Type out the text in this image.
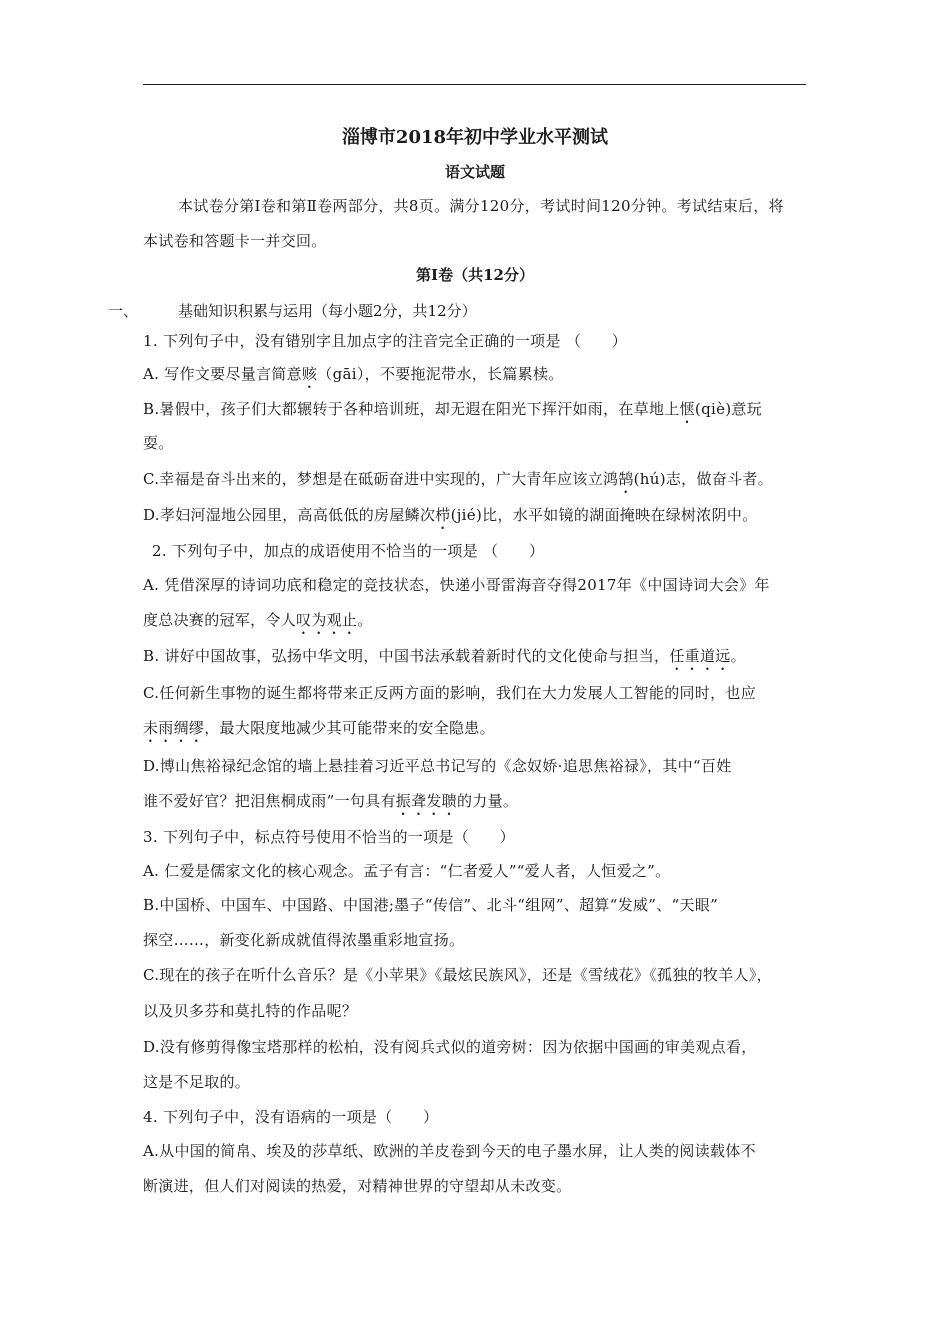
淄博市2018年初中学业水平测试
语文试题
本试卷分第Ⅰ卷和第Ⅱ卷两部分，共8页。满分120分，考试时间120分钟。考试结束后，将
本试卷和答题卡一并交回。
第Ⅰ卷（共12分）
一、	基础知识积累与运用（每小题2分，共12分）
1. 下列句子中，没有错别字且加点字的注音完全正确的一项是 （　　）
A. 写作文要尽量言简意赅（gāi），不要拖泥带水，长篇累椟。
B.暑假中，孩子们大都辗转于各种培训班，却无遐在阳光下挥汗如雨，在草地上惬(qiè)意玩
耍。
C.幸福是奋斗出来的，梦想是在砥砺奋进中实现的，广大青年应该立鸿鹄(hú)志，做奋斗者。
D.孝妇河湿地公园里，高高低低的房屋鳞次栉(jié)比，水平如镜的湖面掩映在绿树浓阴中。
2. 下列句子中，加点的成语使用不恰当的一项是 （　　）
A. 凭借深厚的诗词功底和稳定的竞技状态，快递小哥雷海音夺得2017年《中国诗词大会》年
度总决赛的冠军，令人叹为观止。
B. 讲好中国故事，弘扬中华文明，中国书法承载着新时代的文化使命与担当，任重道远。
C.任何新生事物的诞生都将带来正反两方面的影响，我们在大力发展人工智能的同时，也应
未雨绸缪，最大限度地减少其可能带来的安全隐患。
D.博山焦裕禄纪念馆的墙上悬挂着习近平总书记写的《念奴娇·追思焦裕禄》，其中“百姓
谁不爱好官？把泪焦桐成雨”一句具有振聋发聩的力量。
3. 下列句子中，标点符号使用不恰当的一项是（　　）
A. 仁爱是儒家文化的核心观念。孟子有言：“仁者爱人”“爱人者，人恒爱之”。
B.中国桥、中国车、中国路、中国港;墨子“传信”、北斗“组网”、超算“发威”、“天眼”
探空……，新变化新成就值得浓墨重彩地宣扬。
C.现在的孩子在听什么音乐？是《小苹果》《最炫民族风》，还是《雪绒花》《孤独的牧羊人》，
以及贝多芬和莫扎特的作品呢？
D.没有修剪得像宝塔那样的松柏，没有阅兵式似的道旁树：因为依据中国画的审美观点看，
这是不足取的。
4. 下列句子中，没有语病的一项是（　　）
A.从中国的简帛、埃及的莎草纸、欧洲的羊皮卷到今天的电子墨水屏，让人类的阅读载体不
断演进，但人们对阅读的热爱，对精神世界的守望却从未改变。
